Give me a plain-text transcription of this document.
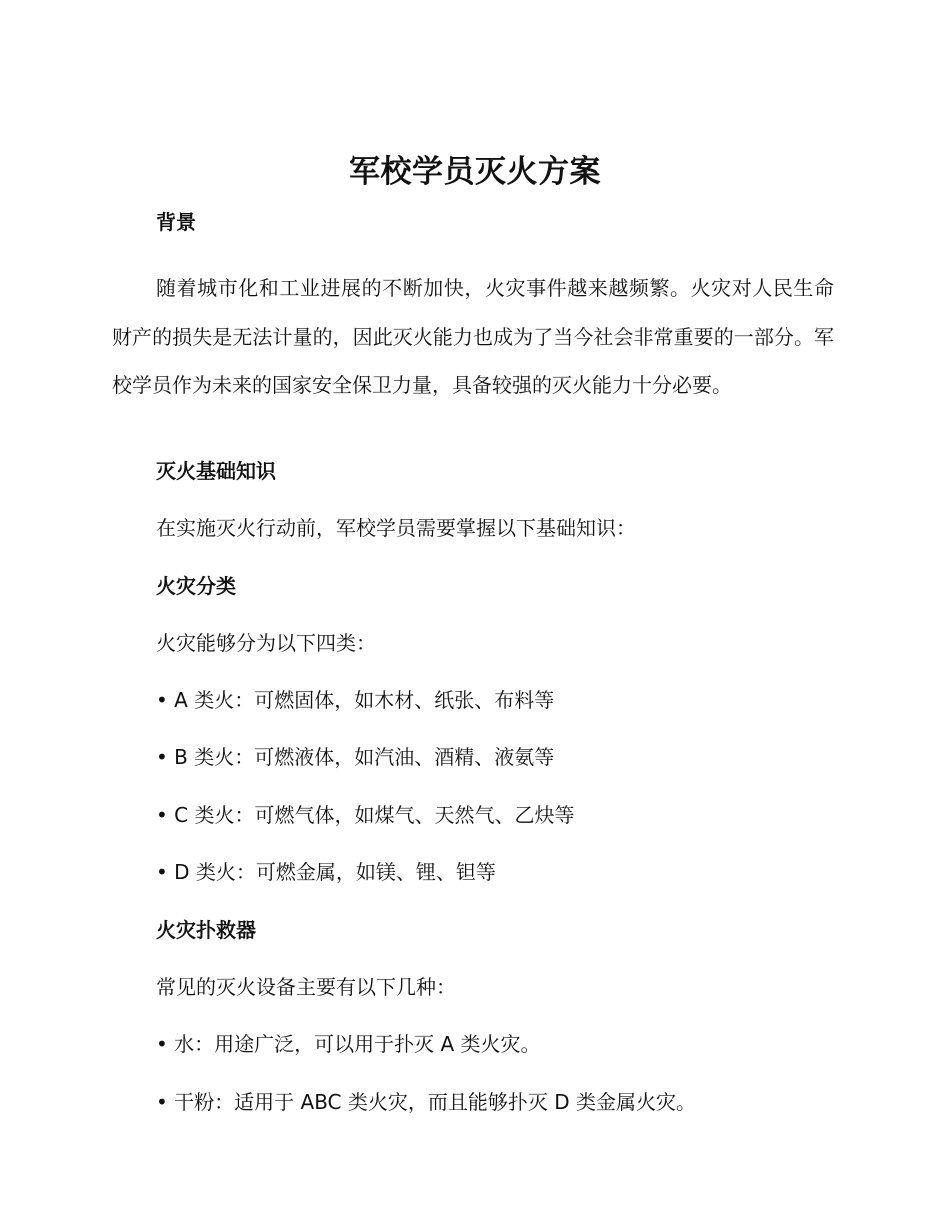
军校学员灭火方案
背景
随着城市化和工业进展的不断加快，火灾事件越来越频繁。火灾对人民生命财产的损失是无法计量的，因此灭火能力也成为了当今社会非常重要的一部分。军校学员作为未来的国家安全保卫力量，具备较强的灭火能力十分必要。
灭火基础知识
在实施灭火行动前，军校学员需要掌握以下基础知识：
火灾分类
火灾能够分为以下四类：
• A 类火：可燃固体，如木材、纸张、布料等
• B 类火：可燃液体，如汽油、酒精、液氨等
• C 类火：可燃气体，如煤气、天然气、乙炔等
• D 类火：可燃金属，如镁、锂、钽等
火灾扑救器
常见的灭火设备主要有以下几种：
• 水：用途广泛，可以用于扑灭 A 类火灾。
• 干粉：适用于 ABC 类火灾，而且能够扑灭 D 类金属火灾。
